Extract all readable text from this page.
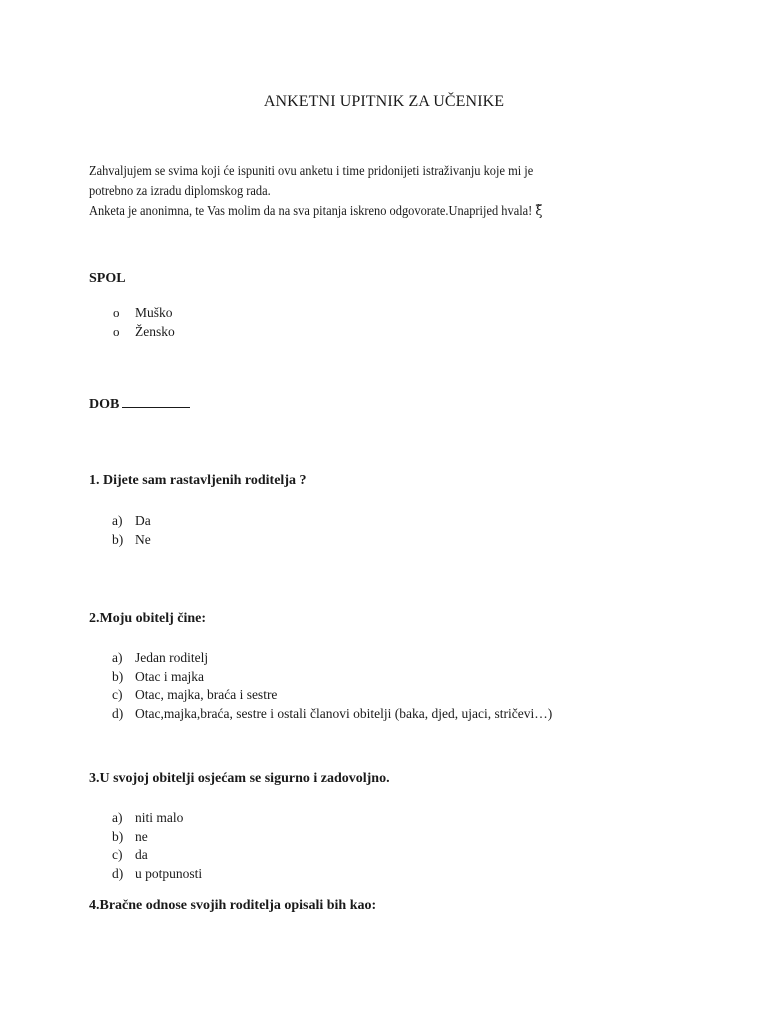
ANKETNI UPITNIK ZA UČENIKE

Zahvaljujem se svima koji će ispuniti ovu anketu i time pridonijeti istraživanju koje mi je

potrebno za izradu diplomskog rada.

Anketa je anonimna, te Vas molim da na sva pitanja iskreno odgovorate.Unaprijed hvala! ξ̃

SPOL
o Muško
o Žensko
DOB
1. Dijete sam rastavljenih roditelja ?
a) Da
b) Ne
2.Moju obitelj čine:
a) Jedan roditelj
b) Otac i majka
c) Otac, majka, braća i sestre
d) Otac,majka,braća, sestre i ostali članovi obitelji (baka, djed, ujaci, stričevi…)
3.U svojoj obitelji osjećam se sigurno i zadovoljno.
a) niti malo
b) ne
c) da
d) u potpunosti
4.Bračne odnose svojih roditelja opisali bih kao:
